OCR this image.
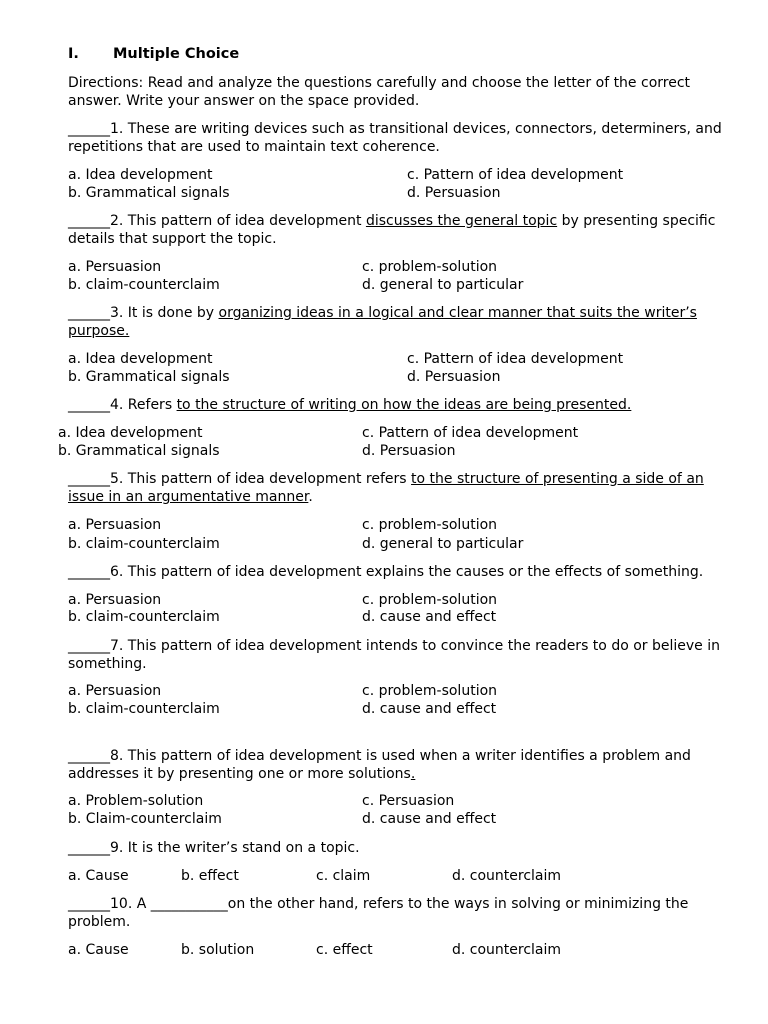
I. Multiple Choice
Directions: Read and analyze the questions carefully and choose the letter of the correct
answer. Write your answer on the space provided.
______1. These are writing devices such as transitional devices, connectors, determiners, and
repetitions that are used to maintain text coherence.
a. Idea development
b. Grammatical signals
c. Pattern of idea development
d. Persuasion
______2. This pattern of idea development discusses the general topic by presenting specific
details that support the topic.
a. Persuasion
b. claim-counterclaim
c. problem-solution
d. general to particular
______3. It is done by organizing ideas in a logical and clear manner that suits the writer’s
purpose.
a. Idea development
b. Grammatical signals
c. Pattern of idea development
d. Persuasion
______4. Refers to the structure of writing on how the ideas are being presented.
a. Idea development
b. Grammatical signals
c. Pattern of idea development
d. Persuasion
______5. This pattern of idea development refers to the structure of presenting a side of an
issue in an argumentative manner.
a. Persuasion
b. claim-counterclaim
c. problem-solution
d. general to particular
______6. This pattern of idea development explains the causes or the effects of something.
a. Persuasion
b. claim-counterclaim
c. problem-solution
d. cause and effect
______7. This pattern of idea development intends to convince the readers to do or believe in
something.
a. Persuasion
b. claim-counterclaim
c. problem-solution
d. cause and effect
______8. This pattern of idea development is used when a writer identifies a problem and
addresses it by presenting one or more solutions.
a. Problem-solution
b. Claim-counterclaim
c. Persuasion
d. cause and effect
______9. It is the writer’s stand on a topic.
a. Cause	b. effect	c. claim	d. counterclaim
______10. A ___________on the other hand, refers to the ways in solving or minimizing the
problem.
a. Cause	b. solution	c. effect	d. counterclaim
